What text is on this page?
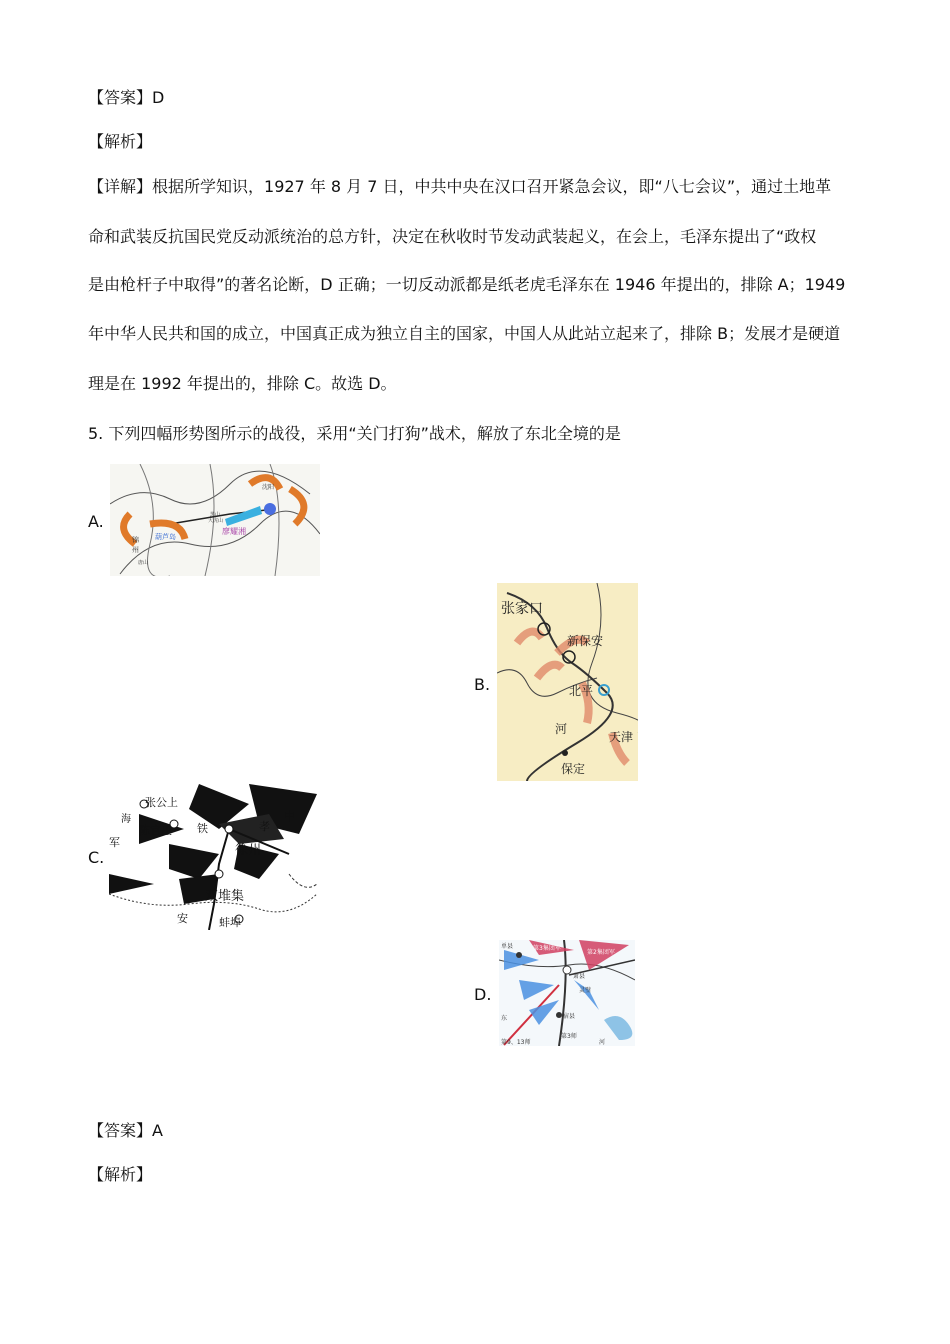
【答案】D
【解析】
【详解】根据所学知识，1927 年 8 月 7 日，中共中央在汉口召开紧急会议，即“八七会议”，通过土地革
命和武装反抗国民党反动派统治的总方针，决定在秋收时节发动武装起义，在会上，毛泽东提出了“政权
是由枪杆子中取得”的著名论断，D 正确；一切反动派都是纸老虎毛泽东在 1946 年提出的，排除 A；1949
年中华人民共和国的成立，中国真正成为独立自主的国家，中国人从此站立起来了，排除 B；发展才是硬道
理是在 1992 年提出的，排除 C。故选 D。
5. 下列四幅形势图所示的战役，采用“关门打狗”战术，解放了东北全境的是
A.
沈阳
黑山
大虎山
锦
州
唐山
廖耀湘
葫芦岛
B.
张家口
新保安
北平
河
天津
保定
C.
张公上
海
陈官庄 铁
徐州
双堆集
蚌埠
安
军
中
孝
D.
单县	第3集团军
第2集团军
第9、13师
东
萧县
宿县
灵璧
河
第3师
【答案】A
【解析】
